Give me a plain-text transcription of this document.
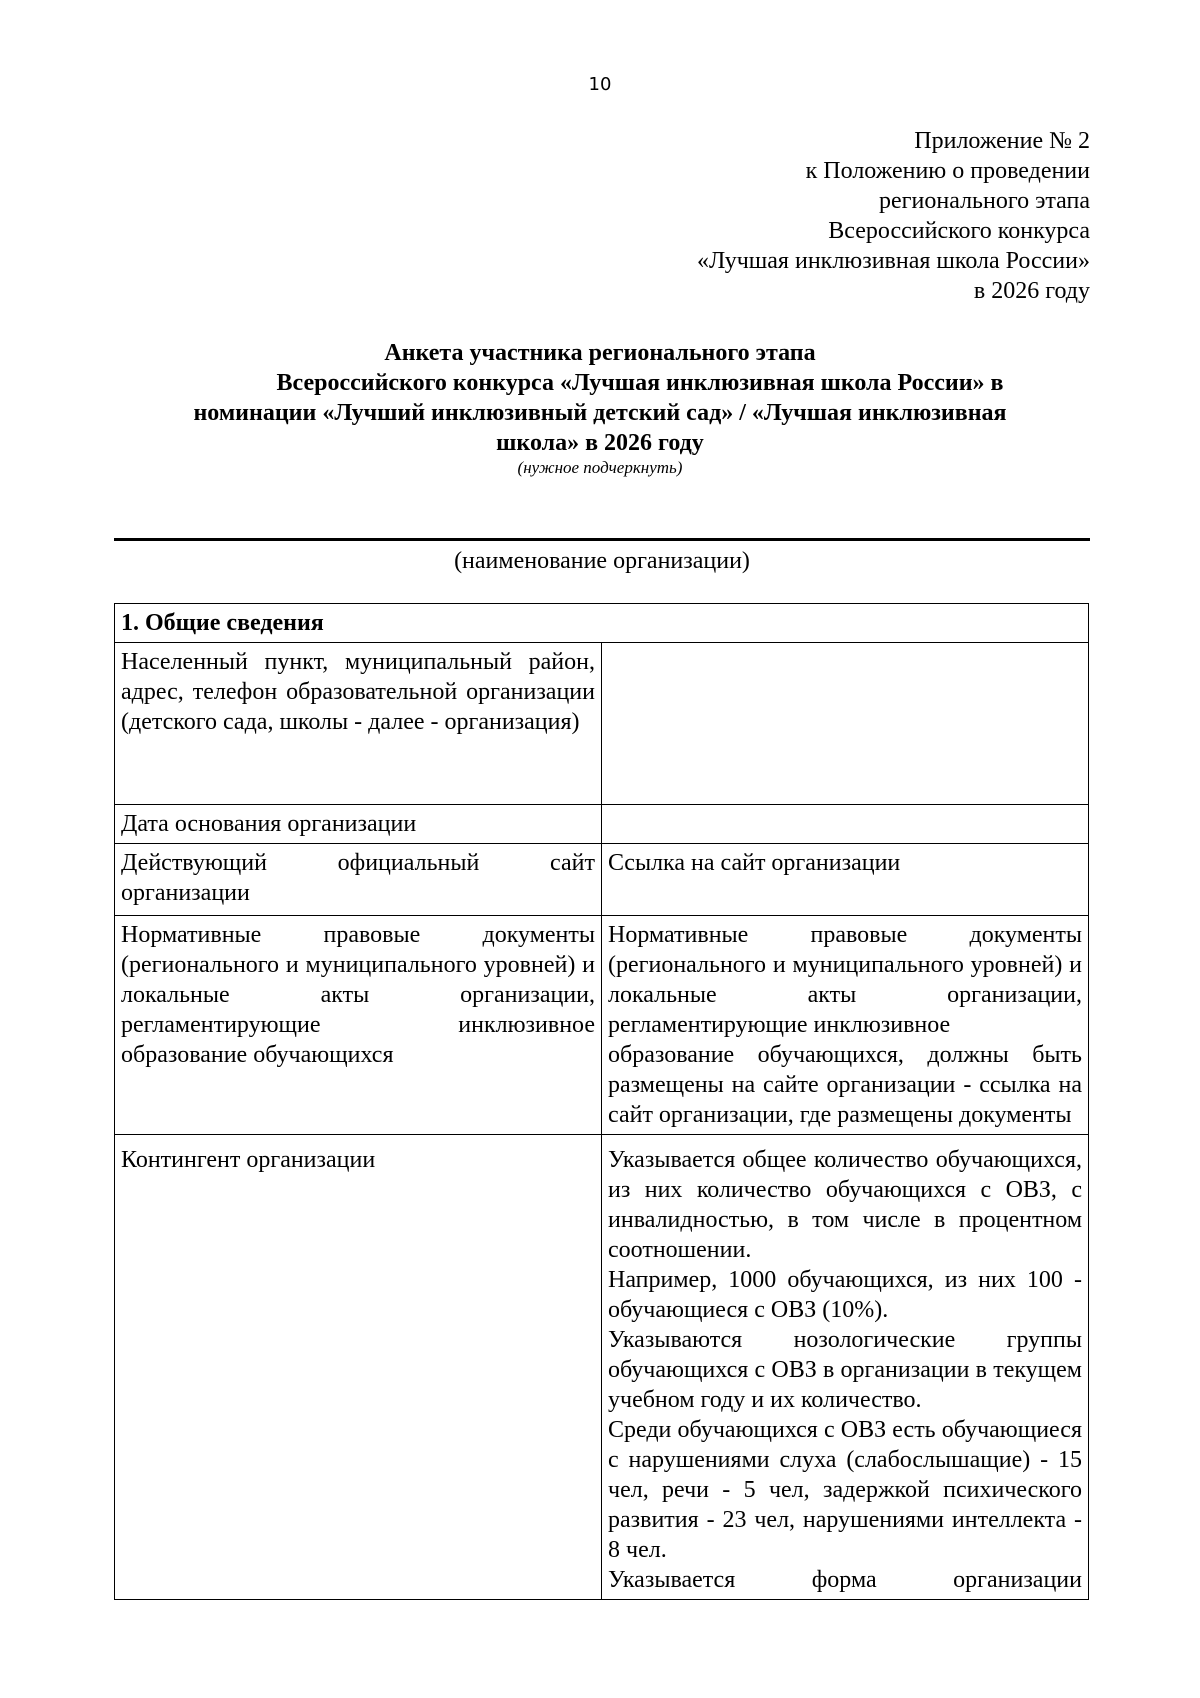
10
Приложение № 2
к Положению о проведении
регионального этапа
Всероссийского конкурса
«Лучшая инклюзивная школа России»
в 2026 году
Анкета участника регионального этапа
Всероссийского конкурса «Лучшая инклюзивная школа России» в
номинации «Лучший инклюзивный детский сад» / «Лучшая инклюзивная
школа» в 2026 году
(нужное подчеркнуть)
(наименование организации)
1. Общие сведения	
Населенный пункт, муниципальный район, адрес, телефон образовательной организации (детского сада, школы - далее - организация)	
Дата основания организации	
Действующий официальный сайт организации	Ссылка на сайт организации
Нормативные правовые документы (регионального и муниципального уровней) и локальные акты организации, регламентирующие инклюзивное образование обучающихся	Нормативные правовые документы (регионального и муниципального уровней) и локальные акты организации, регламентирующие инклюзивное
образование обучающихся, должны быть размещены на сайте организации - ссылка на сайт организации, где размещены документы

Контингент организации	Указывается общее количество обучающихся, из них количество обучающихся с ОВЗ, с инвалидностью, в том числе в процентном соотношении.
Например, 1000 обучающихся, из них 100 - обучающиеся с ОВЗ (10%).
Указываются нозологические группы обучающихся с ОВЗ в организации в текущем учебном году и их количество.
Среди обучающихся с ОВЗ есть обучающиеся с нарушениями слуха (слабослышащие) - 15 чел, речи - 5 чел, задержкой психического развития - 23 чел, нарушениями интеллекта - 8 чел.
Указывается форма организации
